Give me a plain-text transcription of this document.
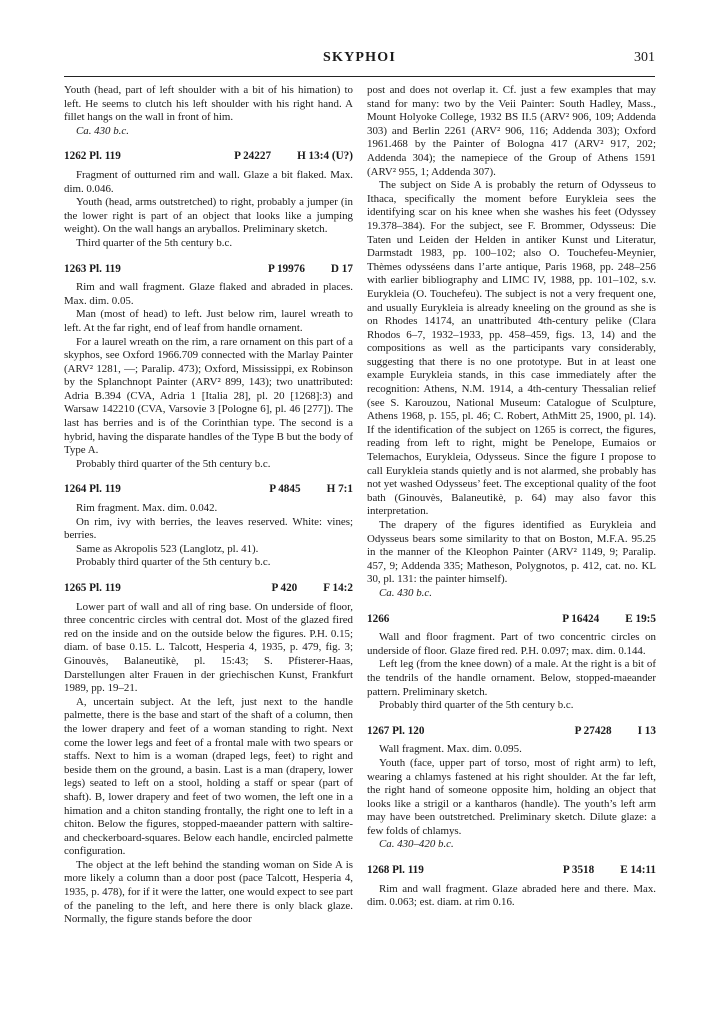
SKYPHOI	301

Youth (head, part of left shoulder with a bit of his himation) to left. He seems to clutch his left shoulder with his right hand. A fillet hangs on the wall in front of him.

Ca. 430 b.c.

1262 Pl. 119	P 24227 H 13:4 (U?)

Fragment of outturned rim and wall. Glaze a bit flaked. Max. dim. 0.046.

Youth (head, arms outstretched) to right, probably a jumper (in the lower right is part of an object that looks like a jumping weight). On the wall hangs an aryballos. Preliminary sketch.

Third quarter of the 5th century b.c.

1263 Pl. 119	P 19976 D 17

Rim and wall fragment. Glaze flaked and abraded in places. Max. dim. 0.05.

Man (most of head) to left. Just below rim, laurel wreath to left. At the far right, end of leaf from handle ornament.

For a laurel wreath on the rim, a rare ornament on this part of a skyphos, see Oxford 1966.709 connected with the Marlay Painter (ARV² 1281, —; Paralip. 473); Oxford, Mississippi, ex Robinson by the Splanchnopt Painter (ARV² 899, 143); two unattributed: Adria B.394 (CVA, Adria 1 [Italia 28], pl. 20 [1268]:3) and Warsaw 142210 (CVA, Varsovie 3 [Pologne 6], pl. 46 [277]). The last has berries and is of the Corinthian type. The second is a hybrid, having the disparate handles of the Type B but the body of Type A.

Probably third quarter of the 5th century b.c.

1264 Pl. 119	P 4845 H 7:1

Rim fragment. Max. dim. 0.042.

On rim, ivy with berries, the leaves reserved. White: vines; berries.

Same as Akropolis 523 (Langlotz, pl. 41).

Probably third quarter of the 5th century b.c.

1265 Pl. 119	P 420 F 14:2

Lower part of wall and all of ring base. On underside of floor, three concentric circles with central dot. Most of the glazed fired red on the inside and on the outside below the figures. P.H. 0.15; diam. of base 0.15. L. Talcott, Hesperia 4, 1935, p. 479, fig. 3; Ginouvès, Balaneutikè, pl. 15:43; S. Pfisterer-Haas, Darstellungen alter Frauen in der griechischen Kunst, Frankfurt 1989, pp. 19–21.

A, uncertain subject. At the left, just next to the handle palmette, there is the base and start of the shaft of a column, then the lower drapery and feet of a woman standing to right. Next come the lower legs and feet of a frontal male with two spears or staffs. Next to him is a woman (draped legs, feet) to right and beside them on the ground, a basin. Last is a man (drapery, lower legs) seated to left on a stool, holding a staff or spear (part of shaft). B, lower drapery and feet of two women, the left one in a himation and a chiton standing frontally, the right one to left in a chiton. Below the figures, stopped-maeander pattern with saltire- and checkerboard-squares. Below each handle, encircled palmette configuration.

The object at the left behind the standing woman on Side A is more likely a column than a door post (pace Talcott, Hesperia 4, 1935, p. 478), for if it were the latter, one would expect to see part of the paneling to the left, and here there is only black glaze. Normally, the figure stands before the door

post and does not overlap it. Cf. just a few examples that may stand for many: two by the Veii Painter: South Hadley, Mass., Mount Holyoke College, 1932 BS II.5 (ARV² 906, 109; Addenda 303) and Berlin 2261 (ARV² 906, 116; Addenda 303); Oxford 1961.468 by the Painter of Bologna 417 (ARV² 917, 202; Addenda 304); the namepiece of the Group of Athens 1591 (ARV² 955, 1; Addenda 307).

The subject on Side A is probably the return of Odysseus to Ithaca, specifically the moment before Eurykleia sees the identifying scar on his knee when she washes his feet (Odyssey 19.378–384). For the subject, see F. Brommer, Odysseus: Die Taten und Leiden der Helden in antiker Kunst und Literatur, Darmstadt 1983, pp. 100–102; also O. Touchefeu-Meynier, Thèmes odysséens dans l’arte antique, Paris 1968, pp. 248–256 with earlier bibliography and LIMC IV, 1988, pp. 101–102, s.v. Eurykleia (O. Touchefeu). The subject is not a very frequent one, and usually Eurykleia is already kneeling on the ground as she is on Rhodes 14174, an unattributed 4th-century pelike (Clara Rhodos 6–7, 1932–1933, pp. 458–459, figs. 13, 14) and the compositions as well as the participants vary considerably, suggesting that there is no one prototype. But in at least one example Eurykleia stands, in this case immediately after the recognition: Athens, N.M. 1914, a 4th-century Thessalian relief (see S. Karouzou, National Museum: Catalogue of Sculpture, Athens 1968, p. 155, pl. 46; C. Robert, AthMitt 25, 1900, pl. 14). If the identification of the subject on 1265 is correct, the figures, reading from left to right, might be Penelope, Eumaios or Telemachos, Eurykleia, Odysseus. Since the figure I propose to call Eurykleia stands quietly and is not alarmed, she probably has not yet washed Odysseus’ feet. The exceptional quality of the foot bath (Ginouvès, Balaneutikè, p. 64) may also favor this interpretation.

The drapery of the figures identified as Eurykleia and Odysseus bears some similarity to that on Boston, M.F.A. 95.25 in the manner of the Kleophon Painter (ARV² 1149, 9; Paralip. 457, 9; Addenda 335; Matheson, Polygnotos, p. 412, cat. no. KL 30, pl. 131: the painter himself).

Ca. 430 b.c.

1266	P 16424 E 19:5

Wall and floor fragment. Part of two concentric circles on underside of floor. Glaze fired red. P.H. 0.097; max. dim. 0.144.

Left leg (from the knee down) of a male. At the right is a bit of the tendrils of the handle ornament. Below, stopped-maeander pattern. Preliminary sketch.

Probably third quarter of the 5th century b.c.

1267 Pl. 120	P 27428 I 13

Wall fragment. Max. dim. 0.095.

Youth (face, upper part of torso, most of right arm) to left, wearing a chlamys fastened at his right shoulder. At the far left, the right hand of someone opposite him, holding an object that looks like a strigil or a kantharos (handle). The youth’s left arm may have been outstretched. Preliminary sketch. Dilute glaze: a few folds of chlamys.

Ca. 430–420 b.c.

1268 Pl. 119	P 3518 E 14:11

Rim and wall fragment. Glaze abraded here and there. Max. dim. 0.063; est. diam. at rim 0.16.
